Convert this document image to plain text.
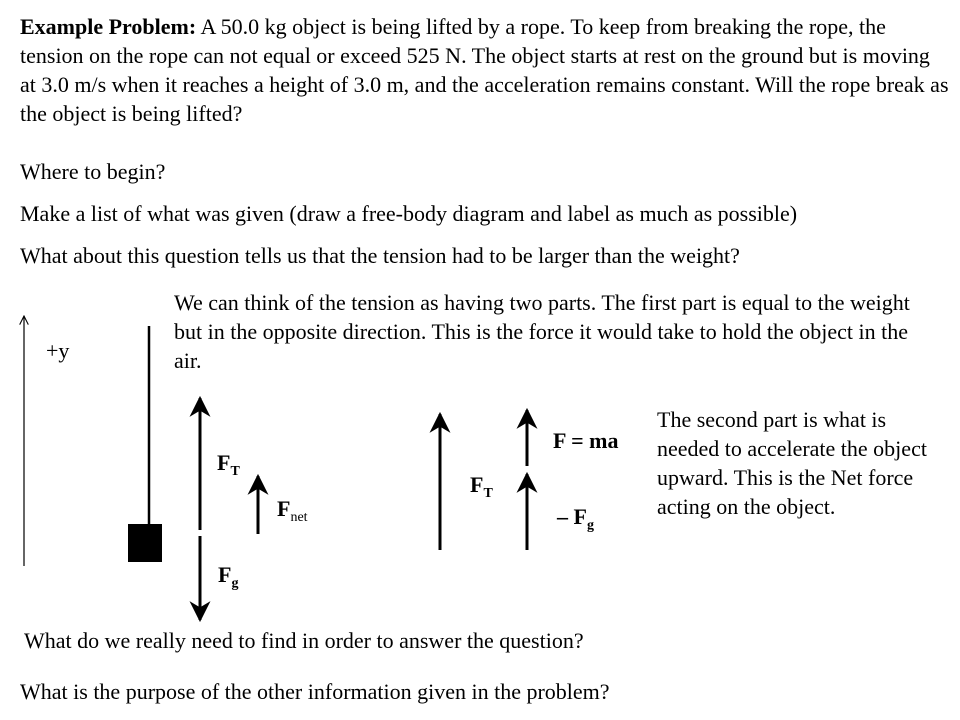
Example Problem: A 50.0 kg object is being lifted by a rope. To keep from breaking the rope, the tension on the rope can not equal or exceed 525 N. The object starts at rest on the ground but is moving at 3.0 m/s when it reaches a height of 3.0 m, and the acceleration remains constant. Will the rope break as the object is being lifted?

Where to begin?

Make a list of what was given (draw a free-body diagram and label as much as possible)

What about this question tells us that the tension had to be larger than the weight?

We can think of the tension as having two parts. The first part is equal to the weight but in the opposite direction. This is the force it would take to hold the object in the air.

The second part is what is needed to accelerate the object upward. This is the Net force acting on the object.

What do we really need to find in order to answer the question?

What is the purpose of the other information given in the problem?

+y
$F_T$
$F_{net}$
$F_g$
$F_T$
F = ma
– $F_g$
